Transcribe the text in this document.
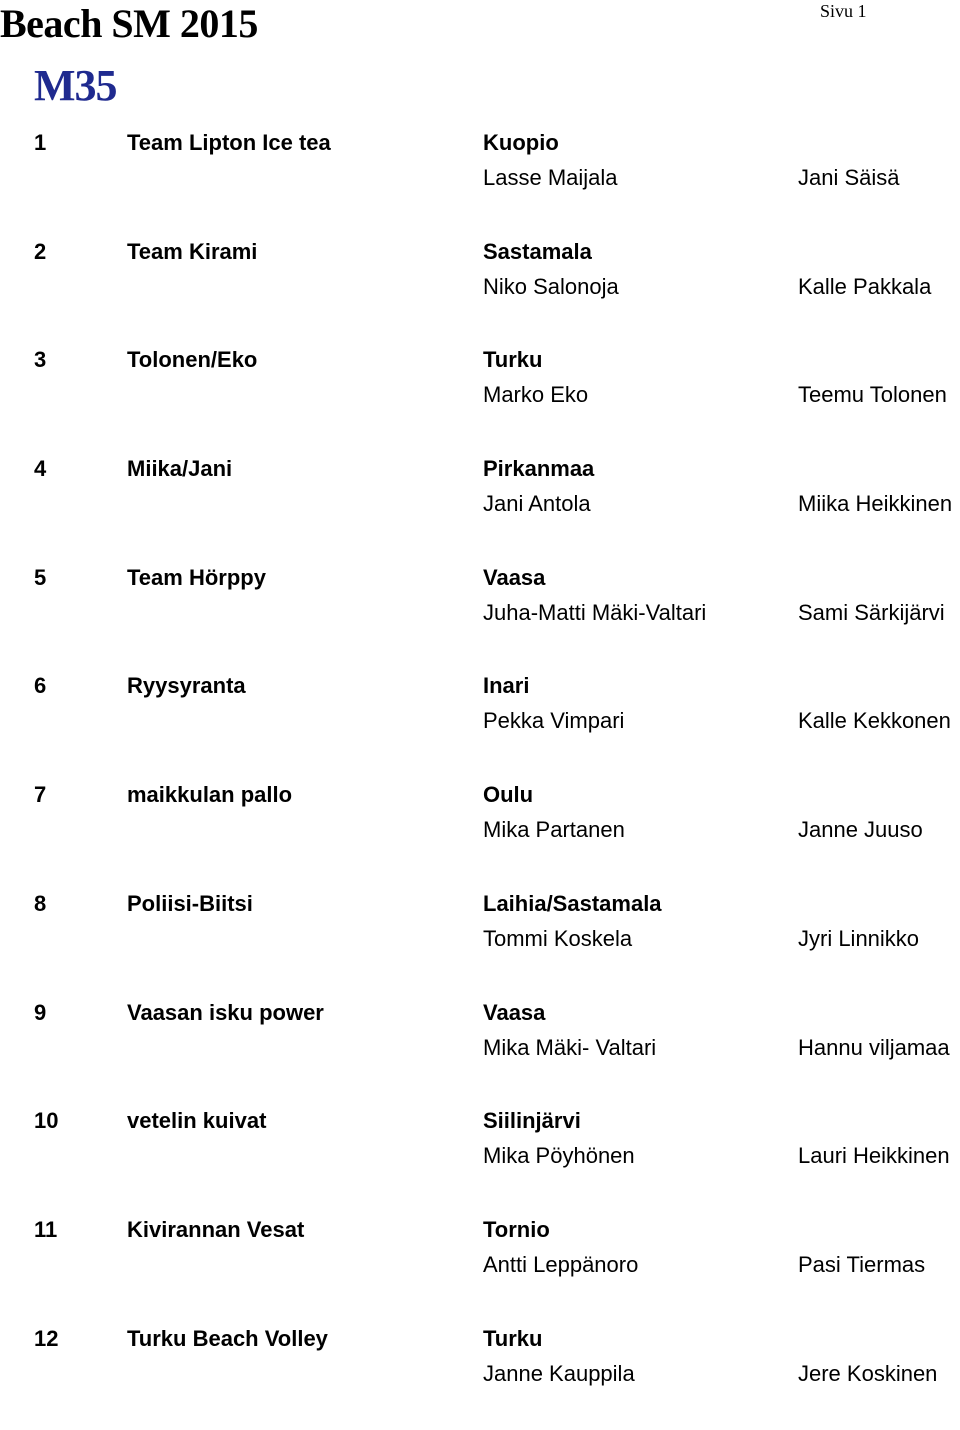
Beach SM 2015	Sivu 1
M35
1	Team Lipton Ice tea	Kuopio
Lasse Maijala	Jani Säisä
2	Team Kirami	Sastamala
Niko Salonoja	Kalle Pakkala
3	Tolonen/Eko	Turku
Marko Eko	Teemu Tolonen
4	Miika/Jani	Pirkanmaa
Jani Antola	Miika Heikkinen
5	Team Hörppy	Vaasa
Juha-Matti Mäki-Valtari	Sami Särkijärvi
6	Ryysyranta	Inari
Pekka Vimpari	Kalle Kekkonen
7	maikkulan pallo	Oulu
Mika Partanen	Janne Juuso
8	Poliisi-Biitsi	Laihia/Sastamala
Tommi Koskela	Jyri Linnikko
9	Vaasan isku power	Vaasa
Mika Mäki- Valtari	Hannu viljamaa
10	vetelin kuivat	Siilinjärvi
Mika Pöyhönen	Lauri Heikkinen
11	Kivirannan Vesat	Tornio
Antti Leppänoro	Pasi Tiermas
12	Turku Beach Volley	Turku
Janne Kauppila	Jere Koskinen
